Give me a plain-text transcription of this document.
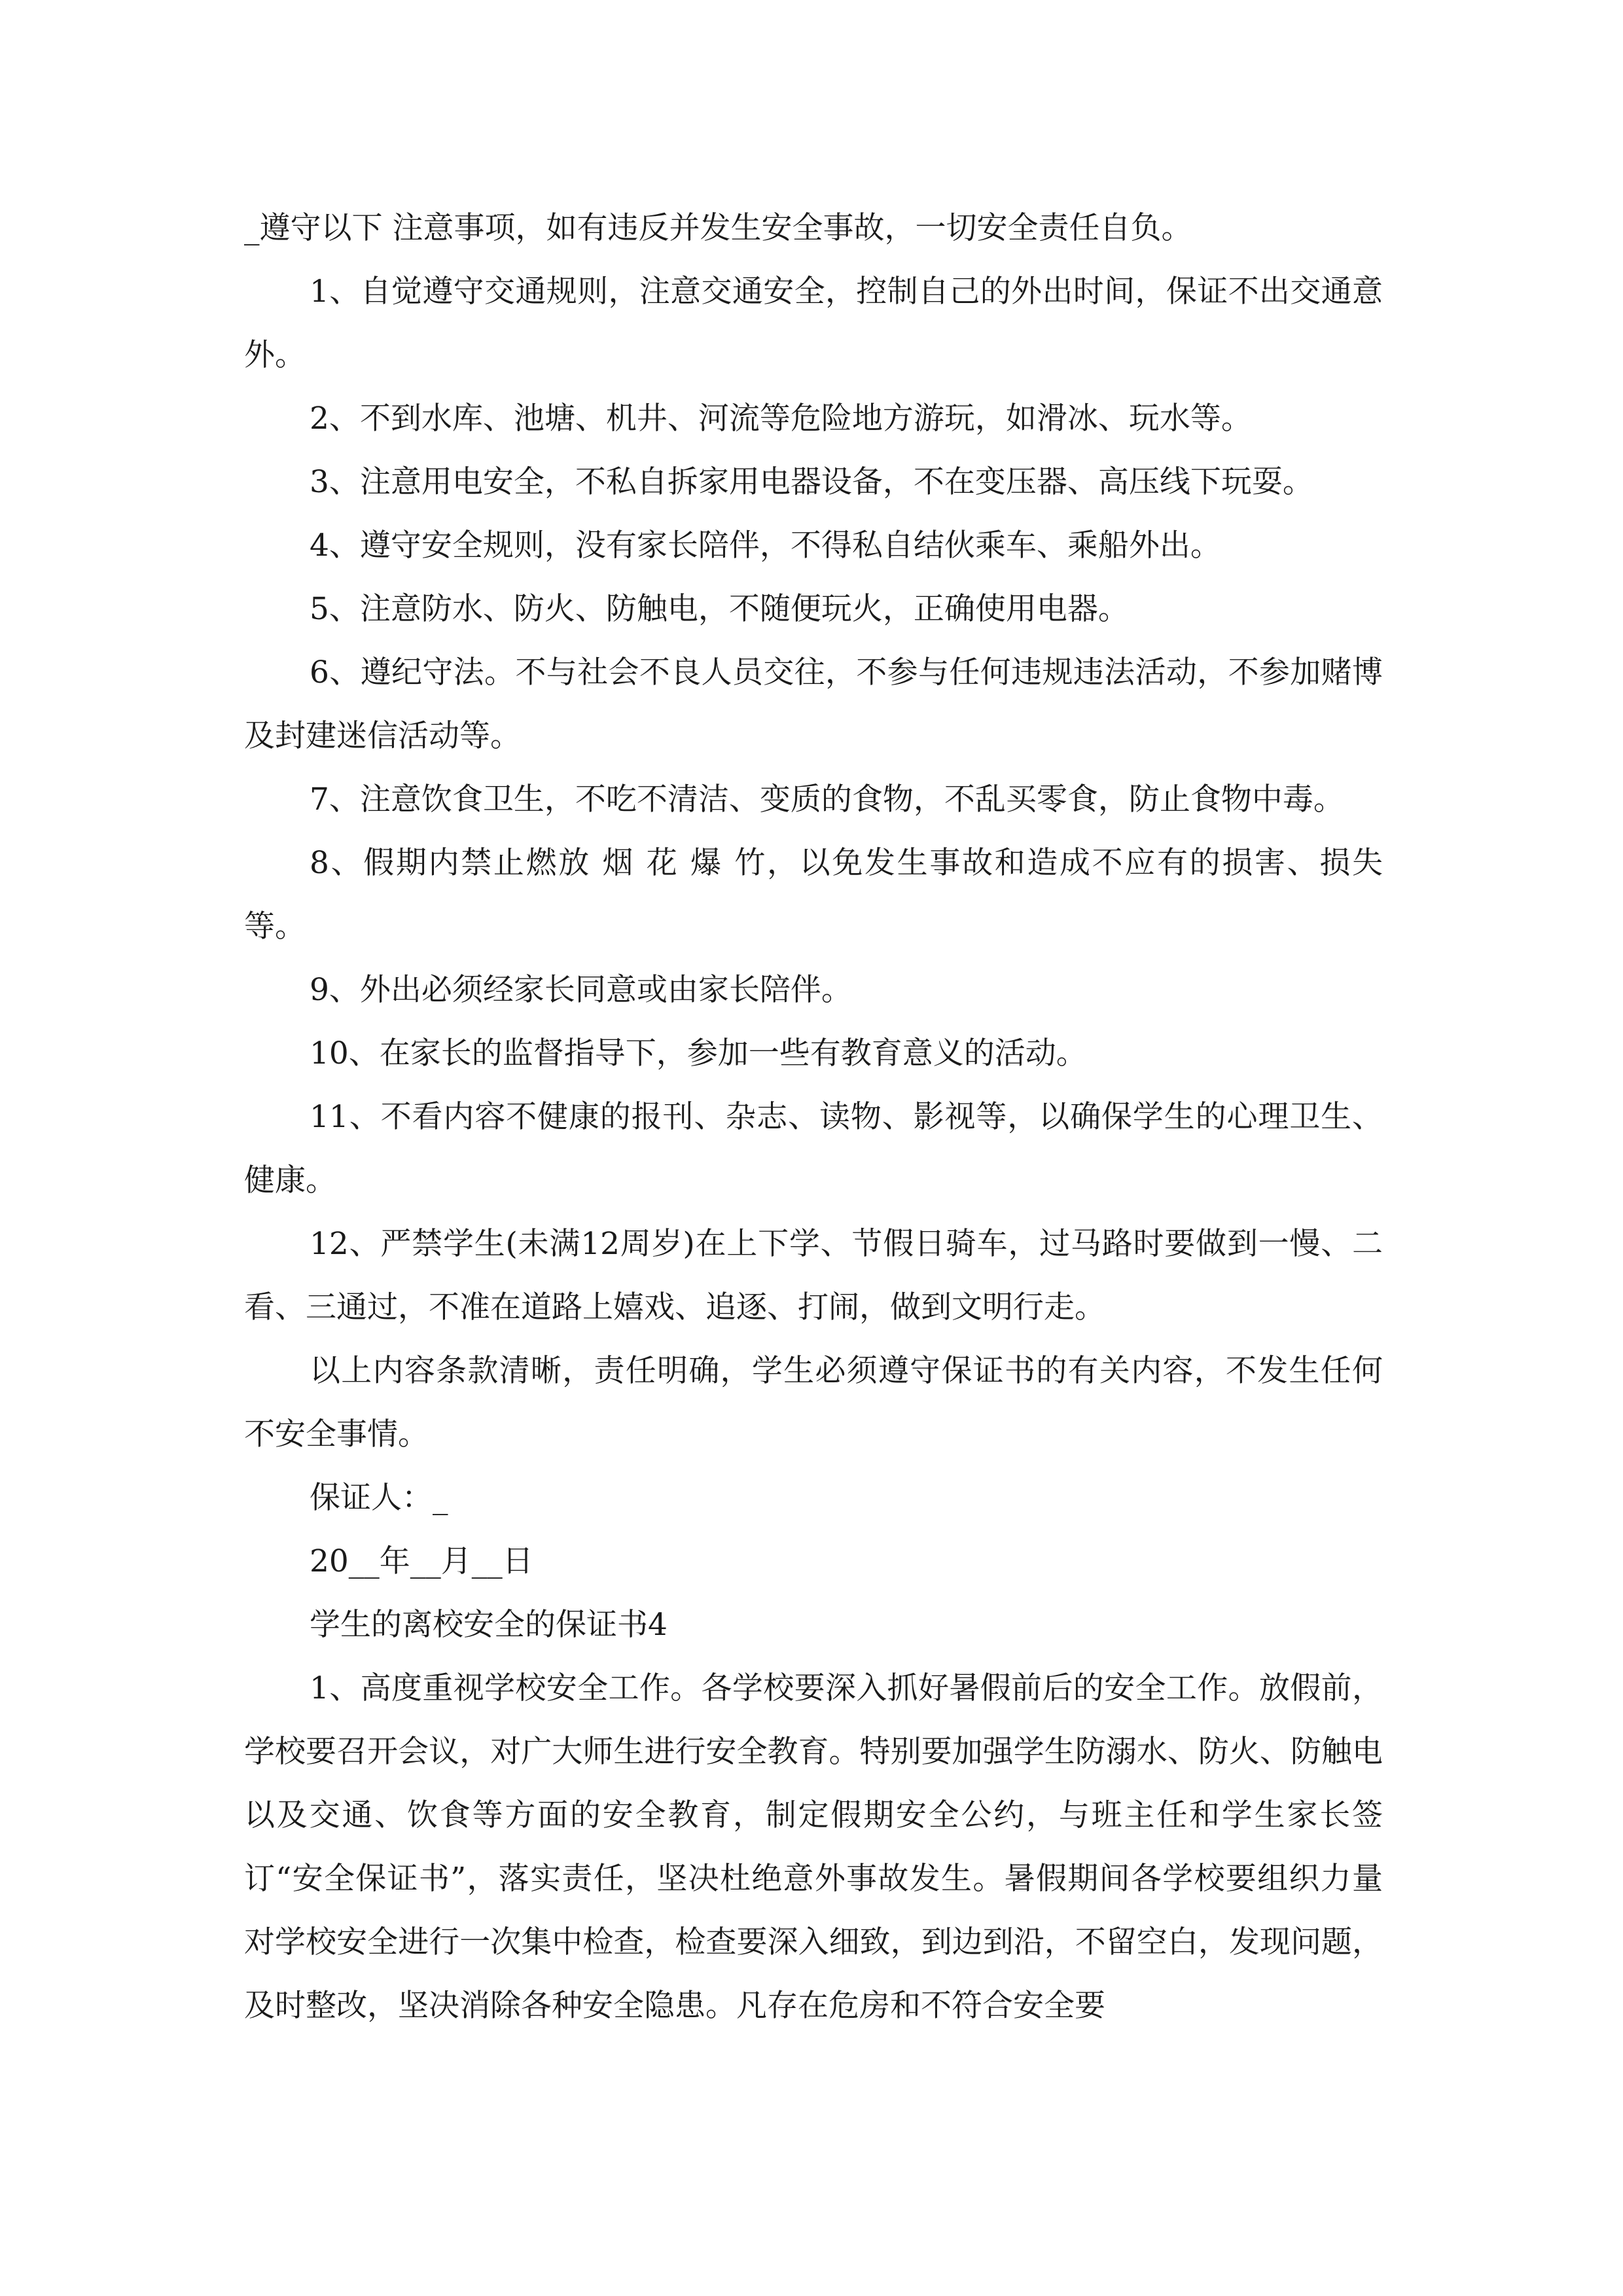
_遵守以下 注意事项，如有违反并发生安全事故，一切安全责任自负。

1、自觉遵守交通规则，注意交通安全，控制自己的外出时间，保证不出交通意外。

2、不到水库、池塘、机井、河流等危险地方游玩，如滑冰、玩水等。

3、注意用电安全，不私自拆家用电器设备，不在变压器、高压线下玩耍。

4、遵守安全规则，没有家长陪伴，不得私自结伙乘车、乘船外出。

5、注意防水、防火、防触电，不随便玩火，正确使用电器。

6、遵纪守法。不与社会不良人员交往，不参与任何违规违法活动，不参加赌博及封建迷信活动等。

7、注意饮食卫生，不吃不清洁、变质的食物，不乱买零食，防止食物中毒。

8、假期内禁止燃放 烟 花 爆 竹，以免发生事故和造成不应有的损害、损失等。

9、外出必须经家长同意或由家长陪伴。

10、在家长的监督指导下，参加一些有教育意义的活动。

11、不看内容不健康的报刊、杂志、读物、影视等，以确保学生的心理卫生、健康。

12、严禁学生(未满12周岁)在上下学、节假日骑车，过马路时要做到一慢、二看、三通过，不准在道路上嬉戏、追逐、打闹，做到文明行走。

以上内容条款清晰，责任明确，学生必须遵守保证书的有关内容，不发生任何不安全事情。

保证人：_

20__年__月__日

学生的离校安全的保证书4

1、高度重视学校安全工作。各学校要深入抓好暑假前后的安全工作。放假前，学校要召开会议，对广大师生进行安全教育。特别要加强学生防溺水、防火、防触电以及交通、饮食等方面的安全教育，制定假期安全公约，与班主任和学生家长签订“安全保证书”，落实责任，坚决杜绝意外事故发生。暑假期间各学校要组织力量对学校安全进行一次集中检查，检查要深入细致，到边到沿，不留空白，发现问题，及时整改，坚决消除各种安全隐患。凡存在危房和不符合安全要
